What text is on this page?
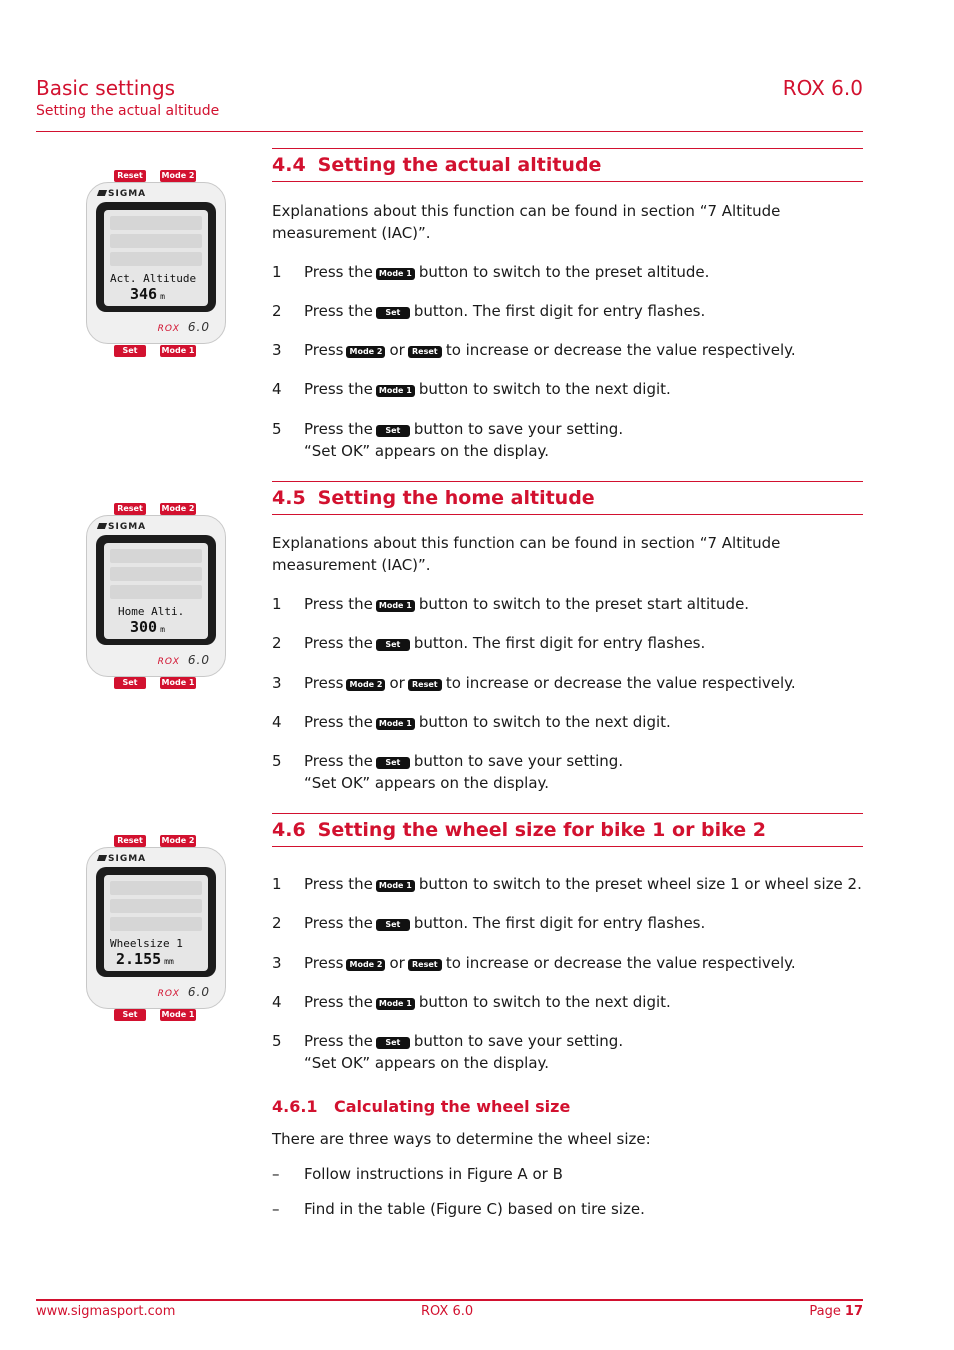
Basic settings
Setting the actual altitude
ROX 6.0
Reset	Mode 2
SIGMA
Act. Altitude
346 m
ROX 6.0
Set	Mode 1
Reset	Mode 2
SIGMA
Home Alti.
300 m
ROX 6.0
Set	Mode 1
Reset	Mode 2
SIGMA
Wheelsize 1
2.155 mm
ROX 6.0
Set	Mode 1
4.4 Setting the actual altitude
Explanations about this function can be found in section “7 Altitude measurement (IAC)”.
1	Press the Mode 1 button to switch to the preset altitude.
2	Press the Set button. The first digit for entry flashes.
3	Press Mode 2 or Reset to increase or decrease the value respectively.
4	Press the Mode 1 button to switch to the next digit.
5	Press the Set button to save your setting.
“Set OK” appears on the display.
4.5 Setting the home altitude
Explanations about this function can be found in section “7 Altitude measurement (IAC)”.
1	Press the Mode 1 button to switch to the preset start altitude.
2	Press the Set button. The first digit for entry flashes.
3	Press Mode 2 or Reset to increase or decrease the value respectively.
4	Press the Mode 1 button to switch to the next digit.
5	Press the Set button to save your setting.
“Set OK” appears on the display.
4.6 Setting the wheel size for bike 1 or bike 2
1	Press the Mode 1 button to switch to the preset wheel size 1 or wheel size 2.
2	Press the Set button. The first digit for entry flashes.
3	Press Mode 2 or Reset to increase or decrease the value respectively.
4	Press the Mode 1 button to switch to the next digit.
5	Press the Set button to save your setting.
“Set OK” appears on the display.
4.6.1 Calculating the wheel size
There are three ways to determine the wheel size:
–	Follow instructions in Figure A or B
–	Find in the table (Figure C) based on tire size.
www.sigmasport.com	ROX 6.0	Page 17
